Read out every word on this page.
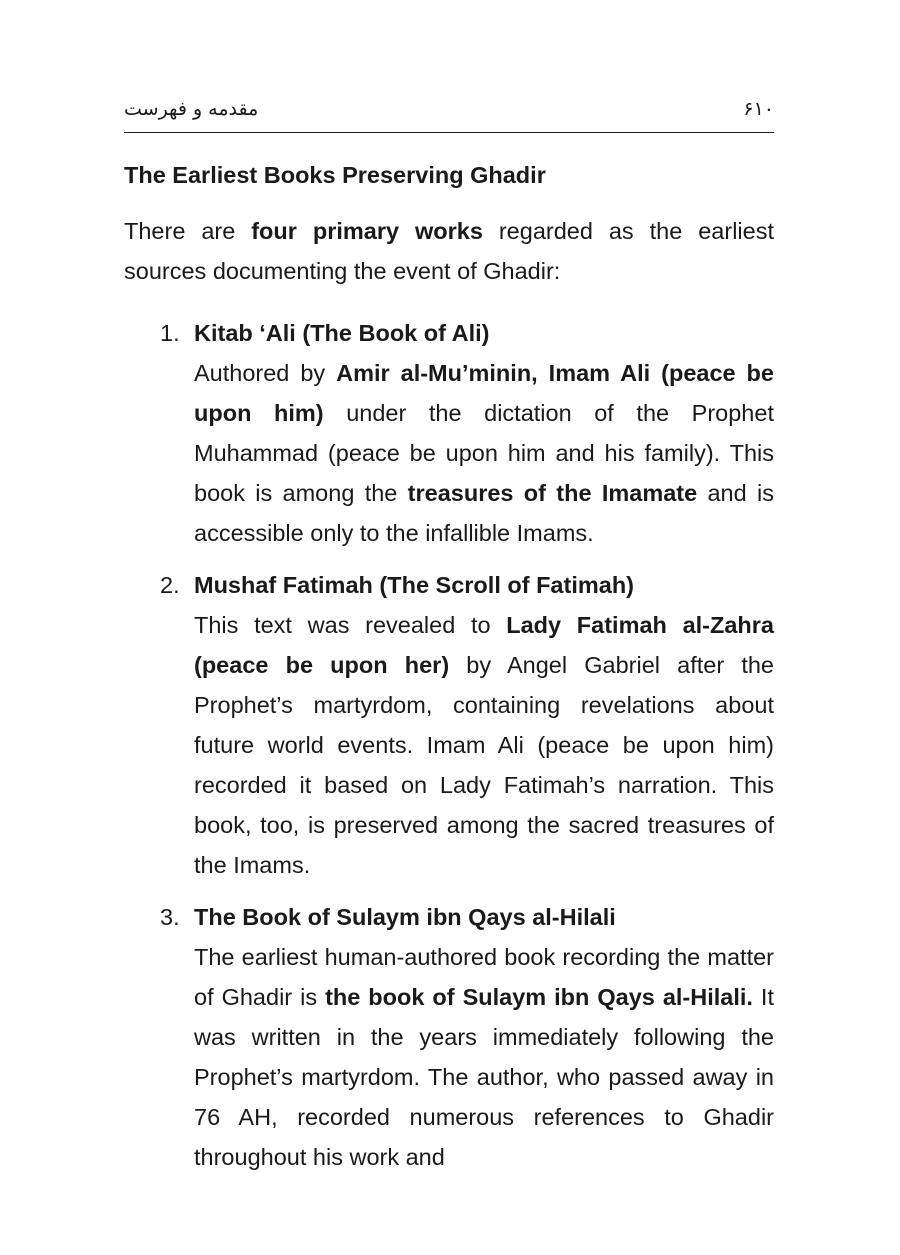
مقدمه و فهرست	۶۱۰
The Earliest Books Preserving Ghadir

There are four primary works regarded as the earliest sources documenting the event of Ghadir:

1. Kitab ‘Ali (The Book of Ali)
Authored by Amir al-Mu’minin, Imam Ali (peace be upon him) under the dictation of the Prophet Muhammad (peace be upon him and his family). This book is among the treasures of the Imamate and is accessible only to the infallible Imams.
2. Mushaf Fatimah (The Scroll of Fatimah)
This text was revealed to Lady Fatimah al-Zahra (peace be upon her) by Angel Gabriel after the Prophet’s martyrdom, containing revelations about future world events. Imam Ali (peace be upon him) recorded it based on Lady Fatimah’s narration. This book, too, is preserved among the sacred treasures of the Imams.
3. The Book of Sulaym ibn Qays al-Hilali
The earliest human-authored book recording the matter of Ghadir is the book of Sulaym ibn Qays al-Hilali. It was written in the years immediately following the Prophet’s martyrdom. The author, who passed away in 76 AH, recorded numerous references to Ghadir throughout his work and
